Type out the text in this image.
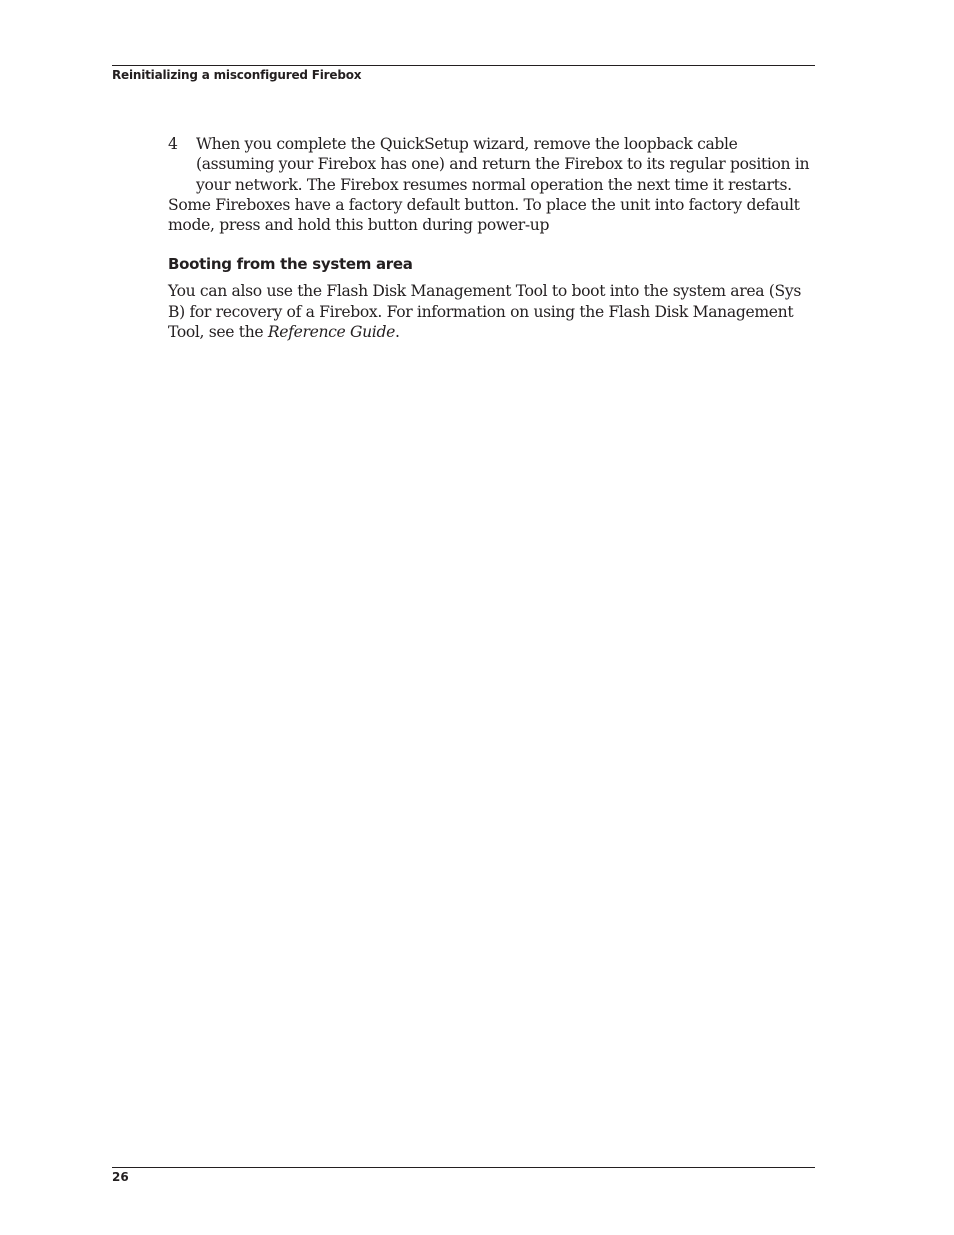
Reinitializing a misconfigured Firebox
4	When you complete the QuickSetup wizard, remove the loopback cable (assuming your Firebox has one) and return the Firebox to its regular position in your network. The Firebox resumes normal operation the next time it restarts.

Some Fireboxes have a factory default button. To place the unit into factory default mode, press and hold this button during power-up

Booting from the system area

You can also use the Flash Disk Management Tool to boot into the system area (Sys B) for recovery of a Firebox. For information on using the Flash Disk Management Tool, see the Reference Guide.

26
